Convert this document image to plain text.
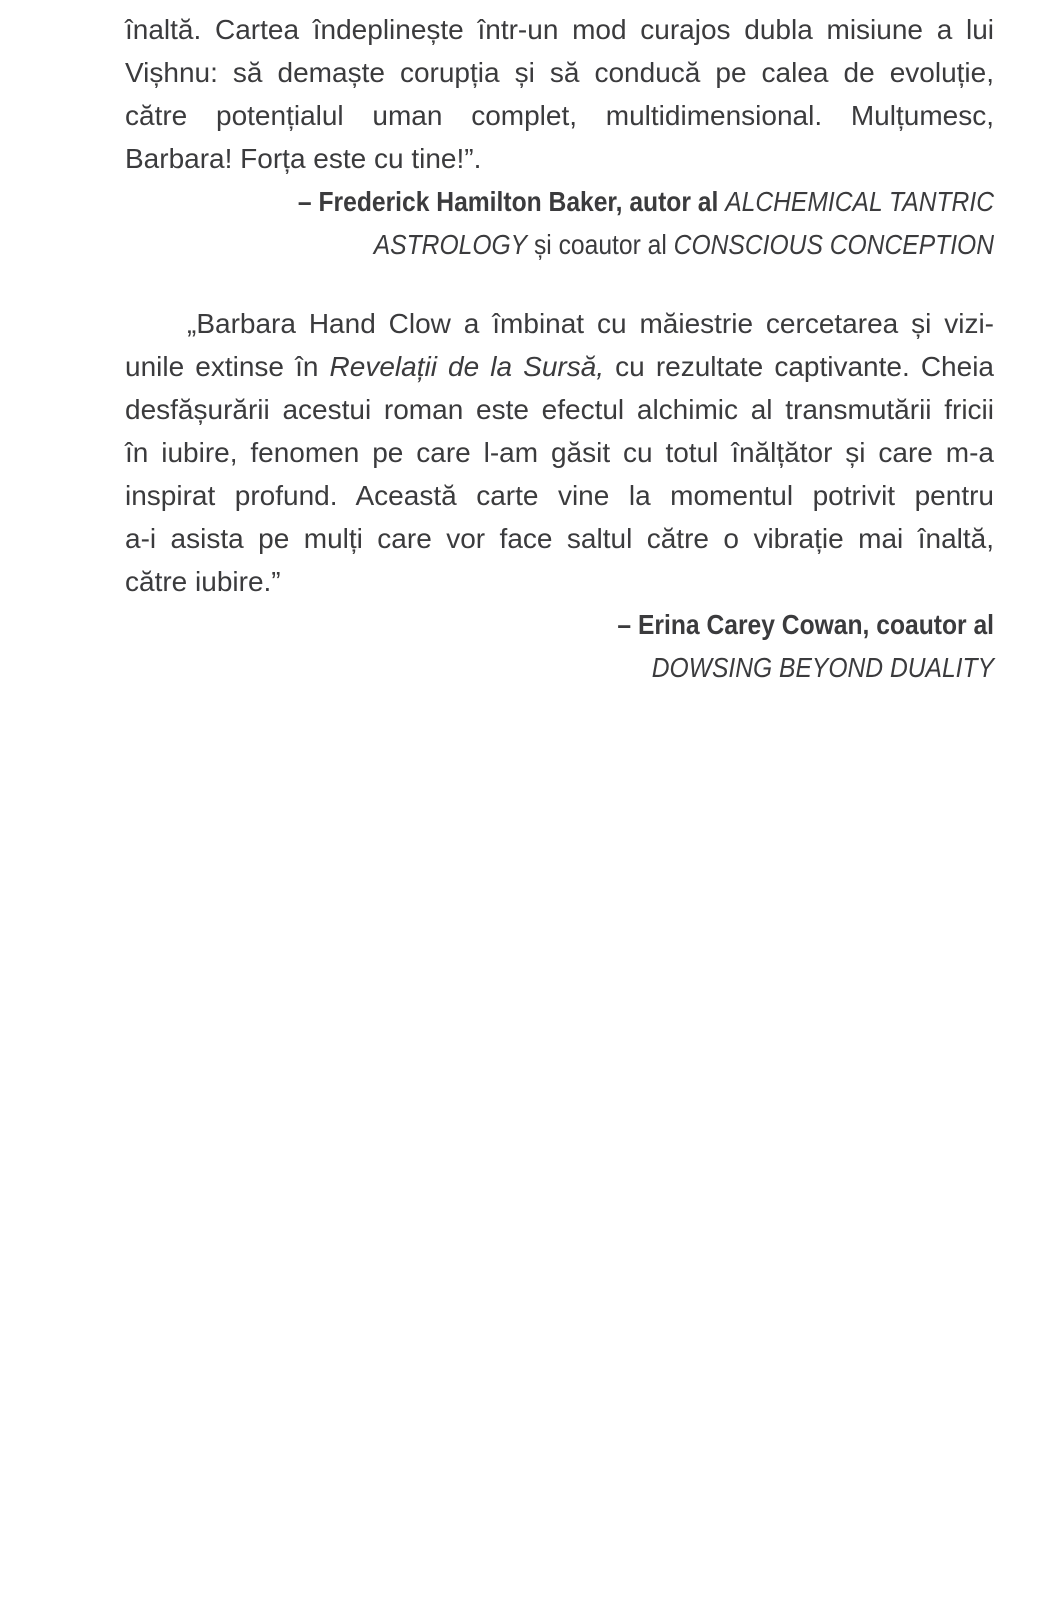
înaltă. Cartea îndeplinește într-un mod curajos dubla misiune a lui
Vișhnu: să demaște corupția și să conducă pe calea de evoluție,
către potențialul uman complet, multidimensional. Mulțumesc,
Barbara! Forța este cu tine!”.
– Frederick Hamilton Baker, autor al ALCHEMICAL TANTRIC
ASTROLOGY și coautor al CONSCIOUS CONCEPTION
„Barbara Hand Clow a îmbinat cu măiestrie cercetarea și vizi-
unile extinse în Revelații de la Sursă, cu rezultate captivante. Cheia
desfășurării acestui roman este efectul alchimic al transmutării fricii
în iubire, fenomen pe care l-am găsit cu totul înălțător și care m-a
inspirat profund. Această carte vine la momentul potrivit pentru
a-i asista pe mulți care vor face saltul către o vibrație mai înaltă,
către iubire.”
– Erina Carey Cowan, coautor al
DOWSING BEYOND DUALITY
